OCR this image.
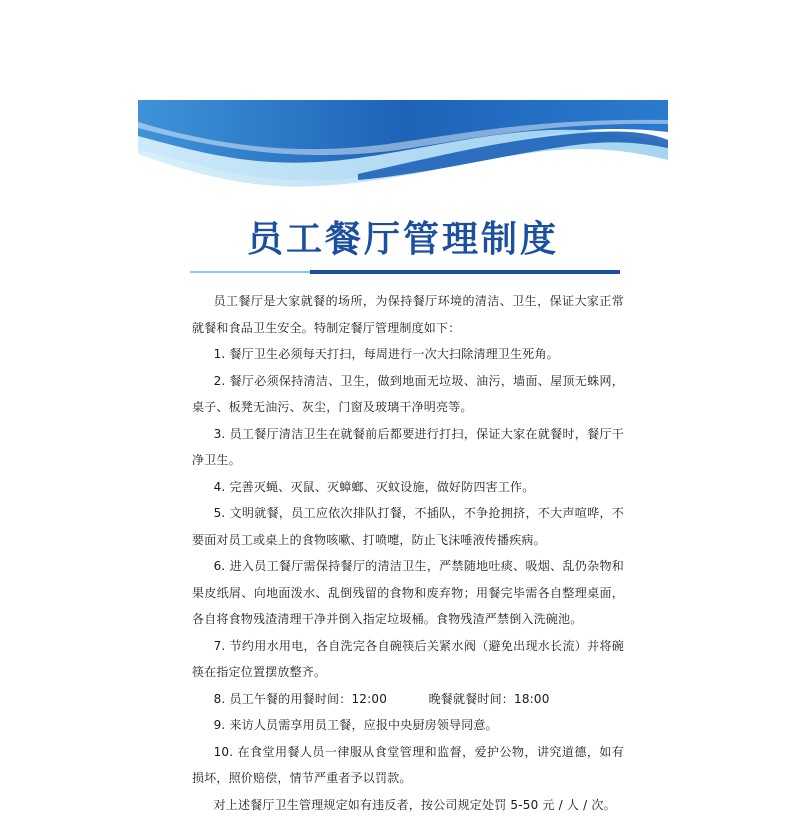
员工餐厅管理制度

员工餐厅是大家就餐的场所，为保持餐厅环境的清洁、卫生，保证大家正常就餐和食品卫生安全。特制定餐厅管理制度如下：

1. 餐厅卫生必须每天打扫，每周进行一次大扫除清理卫生死角。

2. 餐厅必须保持清洁、卫生，做到地面无垃圾、油污，墙面、屋顶无蛛网，桌子、板凳无油污、灰尘，门窗及玻璃干净明亮等。

3. 员工餐厅清洁卫生在就餐前后都要进行打扫，保证大家在就餐时，餐厅干净卫生。

4. 完善灭蝇、灭鼠、灭蟑螂、灭蚊设施，做好防四害工作。

5. 文明就餐，员工应依次排队打餐，不插队，不争抢拥挤，不大声喧哗，不要面对员工或桌上的食物咳嗽、打喷嚏，防止飞沫唾液传播疾病。

6. 进入员工餐厅需保持餐厅的清洁卫生，严禁随地吐痰、吸烟、乱仍杂物和果皮纸屑、向地面泼水、乱倒残留的食物和废弃物；用餐完毕需各自整理桌面，各自将食物残渣清理干净并倒入指定垃圾桶。食物残渣严禁倒入洗碗池。

7. 节约用水用电，各自洗完各自碗筷后关紧水阀（避免出现水长流）并将碗筷在指定位置摆放整齐。

8. 员工午餐的用餐时间：12:00	晚餐就餐时间：18:00

9. 来访人员需享用员工餐，应报中央厨房领导同意。

10. 在食堂用餐人员一律服从食堂管理和监督，爱护公物，讲究道德，如有损坏，照价赔偿，情节严重者予以罚款。

对上述餐厅卫生管理规定如有违反者，按公司规定处罚 5-50 元 / 人 / 次。
